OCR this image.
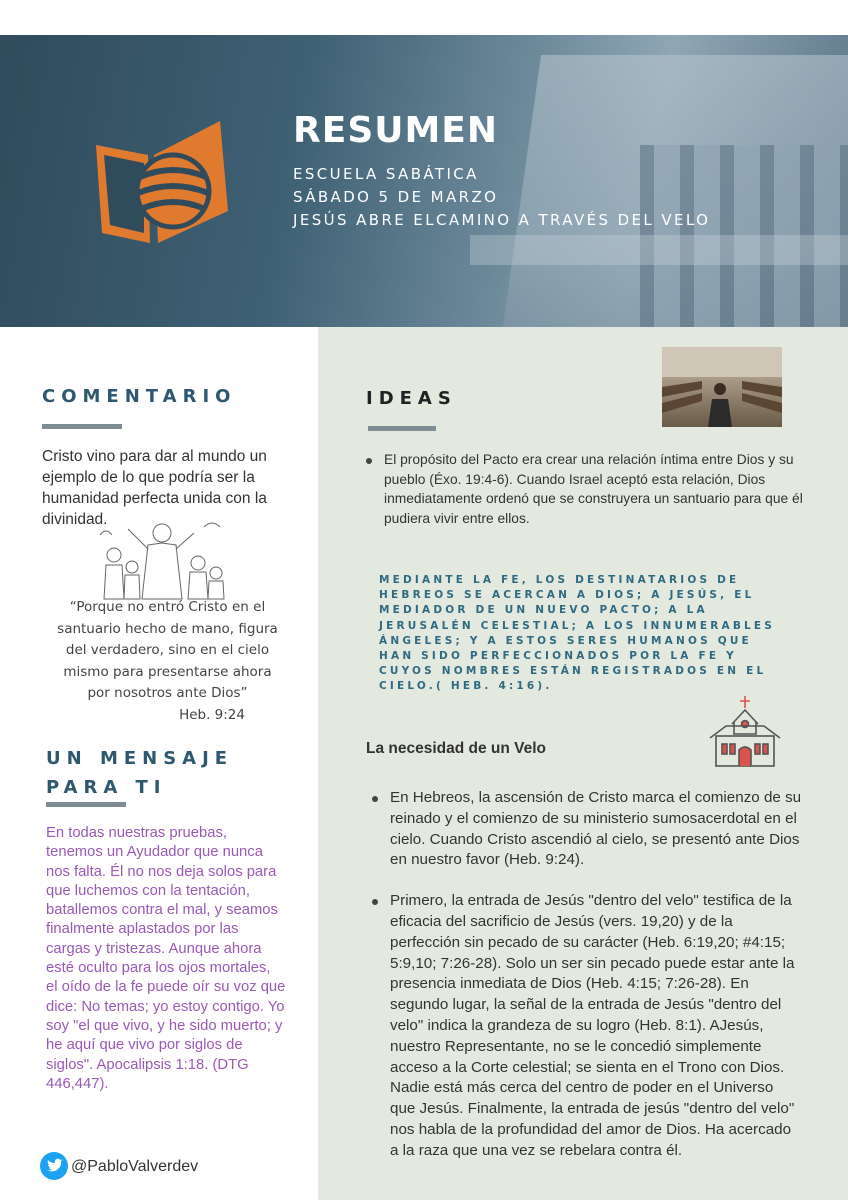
RESUMEN
ESCUELA SABÁTICA
SÁBADO 5 DE MARZO
JESÚS ABRE ELCAMINO A TRAVÉS DEL VELO
COMENTARIO
Cristo vino para dar al mundo un ejemplo de lo que podría ser la humanidad perfecta unida con la divinidad.
“Porque no entró Cristo en el santuario hecho de mano, figura del verdadero, sino en el cielo mismo para presentarse ahora por nosotros ante Dios”
Heb. 9:24
UN MENSAJE
PARA TI
En todas nuestras pruebas, tenemos un Ayudador que nunca nos falta. Él no nos deja solos para que luchemos con la tentación, batallemos contra el mal, y seamos finalmente aplastados por las cargas y tristezas. Aunque ahora esté oculto para los ojos mortales, el oído de la fe puede oír su voz que dice: No temas; yo estoy contigo. Yo soy "el que vivo, y he sido muerto; y he aquí que vivo por siglos de siglos". Apocalipsis 1:18. (DTG 446,447).
@PabloValverdev
IDEAS
El propósito del Pacto era crear una relación íntima entre Dios y su pueblo (Éxo. 19:4-6). Cuando Israel aceptó esta relación, Dios inmediatamente ordenó que se construyera un santuario para que él pudiera vivir entre ellos.
MEDIANTE LA FE, LOS DESTINATARIOS DE HEBREOS SE ACERCAN A DIOS; A JESÚS, EL MEDIADOR DE UN NUEVO PACTO; A LA JERUSALÉN CELESTIAL; A LOS INNUMERABLES ÁNGELES; Y A ESTOS SERES HUMANOS QUE HAN SIDO PERFECCIONADOS POR LA FE Y CUYOS NOMBRES ESTÁN REGISTRADOS EN EL CIELO.( HEB. 4:16).
La necesidad de un Velo
En Hebreos, la ascensión de Cristo marca el comienzo de su reinado y el comienzo de su ministerio sumosacerdotal en el cielo. Cuando Cristo ascendió al cielo, se presentó ante Dios en nuestro favor (Heb. 9:24).
Primero, la entrada de Jesús "dentro del velo" testifica de la eficacia del sacrificio de Jesús (vers. 19,20) y de la perfección sin pecado de su carácter (Heb. 6:19,20; #4:15; 5:9,10; 7:26-28). Solo un ser sin pecado puede estar ante la presencia inmediata de Dios (Heb. 4:15; 7:26-28). En segundo lugar, la señal de la entrada de Jesús "dentro del velo" indica la grandeza de su logro (Heb. 8:1). AJesús, nuestro Representante, no se le concedió simplemente acceso a la Corte celestial; se sienta en el Trono con Dios. Nadie está más cerca del centro de poder en el Universo que Jesús. Finalmente, la entrada de jesús "dentro del velo" nos habla de la profundidad del amor de Dios. Ha acercado a la raza que una vez se rebelara contra él.
